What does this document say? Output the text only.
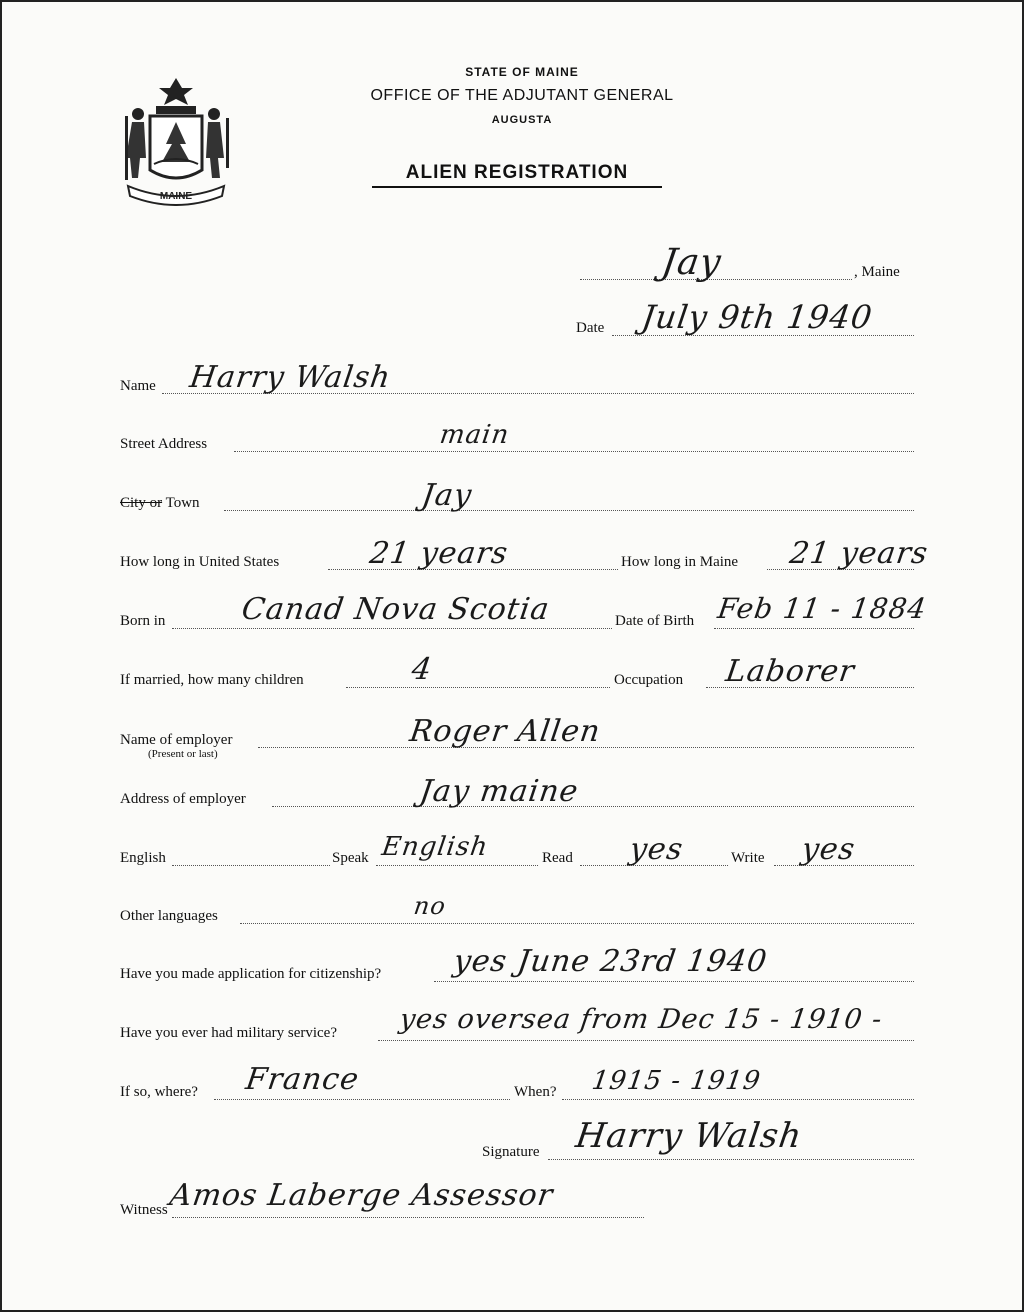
MAINE
STATE OF MAINE
OFFICE OF THE ADJUTANT GENERAL
AUGUSTA
ALIEN REGISTRATION
, Maine
Jay
Date July 9th 1940
Name Harry Walsh
Street Address	main
City or Town	Jay
How long in United States	21 years	How long in Maine 21 years
Born in Canad Nova Scotia	Date of Birth Feb 11 - 1884
If married, how many children	4	Occupation Laborer
Name of employer
(Present or last)
Roger Allen
Address of employer	Jay maine
English	Speak English	Read yes	Write yes
Other languages	no
Have you made application for citizenship? yes June 23rd 1940
Have you ever had military service? yes oversea from Dec 15 - 1910 -
If so, where? France	When? 1915 - 1919
Signature Harry Walsh
Witness Amos Laberge Assessor
